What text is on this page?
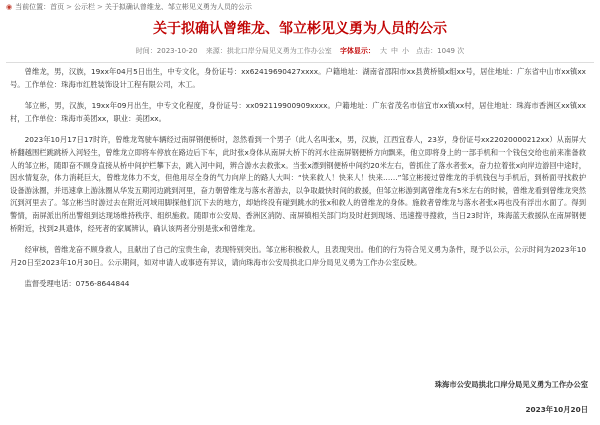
◉ 当前位置：首页 > 公示栏 > 关于拟确认曾维龙、邹立彬见义勇为人员的公示
关于拟确认曾维龙、邹立彬见义勇为人员的公示
时间：2023-10-20 来源：拱北口岸分局见义勇为工作办公室 字体显示： 大 中 小 点击：1049 次

曾维龙，男，汉族，19xx年04月5日出生，中专文化，身份证号：xx62419690427xxxx。户籍地址：湖南省邵阳市xx县黄桥镇x组xx号，居住地址：广东省中山市xx镇xx号。工作单位：珠海市红胜装饰设计工程有限公司，木工。

邹立彬，男，汉族，19xx年09月出生，中专文化程度，身份证号：xx092119900909xxxx。户籍地址：广东省茂名市信宜市xx镇xx村，居住地址：珠海市香洲区xx镇xx村，工作单位：珠海市美团xx，职业：美团xx。

2023年10月17日17时许，曾维龙驾驶车辆经过南屏钢便桥时，忽然看到一个男子（此人名叫张x，男，汉族，江西宜春人，23岁，身份证号xx22020000212xx）从南屏大桥翻越围栏跳跳桥入河轻生，曾维龙立即将车停放在路边后下车，此时张x身体从南屏大桥下的河水往南屏钢便桥方向飘来，他立即将身上的一部手机和一个钱包交给也前来准备救人的邹立彬，随即奋不顾身直接从桥中间护栏攀下去，跳入河中间，辨合游水去救张x。当张x漂到钢便桥中间约20米左右，曾抓住了落水者张x，奋力拉着张x向岸边游回中途时，因水情复杂，体力消耗巨大，曾维龙体力不支，但他用尽全身的气力向岸上的路人大叫：“快来救人！快来人！快来……”邹立彬接过曾维龙的手机钱包与手机后，到桥面寻找救护设备游泳圈，并迅速拿上游泳圈从华发五期河边跳到河里，奋力朝曾维龙与落水者游去，以争取最快时间的救援，但邹立彬游到离曾维龙有5米左右的时候，曾维龙看到曾维龙突然沉到河里去了。邹立彬当时游过去在附近河域用脚探他们沉下去的地方，却始终没有碰到跳水的张x和救人的曾维龙的身体。施救者曾维龙与落水者张x再也没有浮出水面了。得到警情，南屏派出所出警组到达现场维持秩序、组织施救。随即市公安局、香洲区消防、南屏镇相关部门均及时赶到现场、迅速搜寻搜救，当日23时许，珠海蓝天救援队在南屏钢便桥附近，找到2具遗体，经死者的家属辨认，确认该两者分别是张x和曾维龙。

经审核，曾维龙奋不顾身救人，且献出了自己的宝贵生命，表现特别突出。邹立彬积极救人，且表现突出。他们的行为符合见义勇为条件，现予以公示，公示时间为2023年10月20日至2023年10月30日。公示期间，如对申请人或事迹有异议，请向珠海市公安局拱北口岸分局见义勇为工作办公室反映。

监督受理电话：0756-8644844

珠海市公安局拱北口岸分局见义勇为工作办公室
2023年10月20日
